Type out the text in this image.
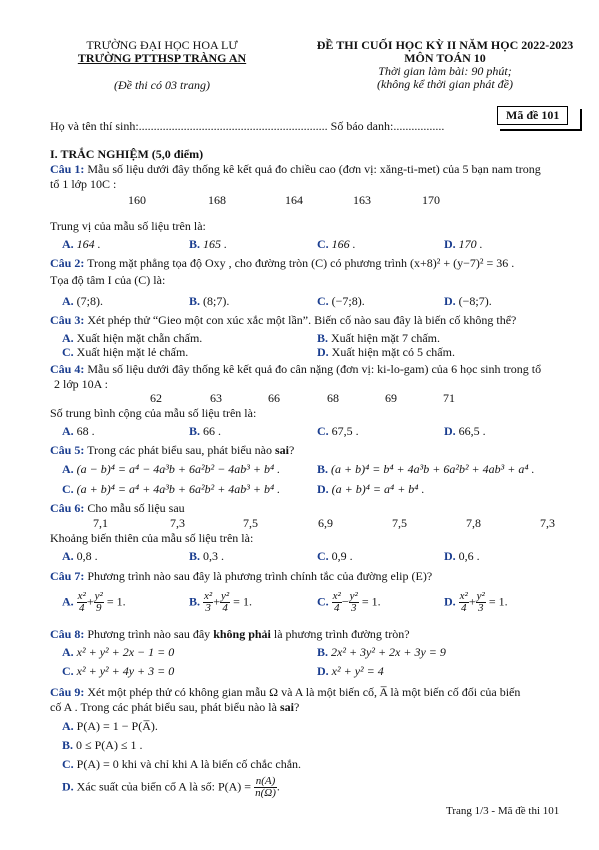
TRƯỜNG ĐẠI HỌC HOA LƯ
TRƯỜNG PTTHSP TRÀNG AN
(Đề thi có 03 trang)
ĐỀ THI CUỐI HỌC KỲ II NĂM HỌC 2022-2023
MÔN TOÁN 10
Thời gian làm bài: 90 phút;
(không kể thời gian phát đề)
Mã đề 101
Họ và tên thí sinh:............................................................... Số báo danh:.................
I. TRẮC NGHIỆM (5,0 điểm)
Câu 1: Mẫu số liệu dưới đây thống kê kết quả đo chiều cao (đơn vị: xăng-ti-met) của 5 bạn nam trong
tổ 1 lớp 10C :
160	168	164	163	170
Trung vị của mẫu số liệu trên là:
A. 164 .	B. 165 .	C. 166 .	D. 170 .
Câu 2: Trong mặt phẳng tọa độ Oxy , cho đường tròn (C) có phương trình (x+8)² + (y−7)² = 36 .
Tọa độ tâm I của (C) là:
A. (7;8).	B. (8;7).	C. (−7;8).	D. (−8;7).
Câu 3: Xét phép thử “Gieo một con xúc xắc một lần”. Biến cố nào sau đây là biến cố không thể?
A. Xuất hiện mặt chẵn chấm.	B. Xuất hiện mặt 7 chấm.
C. Xuất hiện mặt lẻ chấm.	D. Xuất hiện mặt có 5 chấm.
Câu 4: Mẫu số liệu dưới đây thống kê kết quả đo cân nặng (đơn vị: ki-lo-gam) của 6 học sinh trong tổ
2 lớp 10A :
62	63	66	68	69	71
Số trung bình cộng của mẫu số liệu trên là:
A. 68 .	B. 66 .	C. 67,5 .	D. 66,5 .
Câu 5: Trong các phát biểu sau, phát biểu nào sai?
A. (a − b)⁴ = a⁴ − 4a³b + 6a²b² − 4ab³ + b⁴ .	B. (a + b)⁴ = b⁴ + 4a³b + 6a²b² + 4ab³ + a⁴ .
C. (a + b)⁴ = a⁴ + 4a³b + 6a²b² + 4ab³ + b⁴ .	D. (a + b)⁴ = a⁴ + b⁴ .
Câu 6: Cho mẫu số liệu sau
7,1	7,3	7,5	6,9	7,5	7,8	7,3
Khoảng biến thiên của mẫu số liệu trên là:
A. 0,8 .	B. 0,3 .	C. 0,9 .	D. 0,6 .
Câu 7: Phương trình nào sau đây là phương trình chính tắc của đường elip (E)?
A. $\frac{\text{x²}}{4} + \frac{\text{y²}}{9} = 1$.	B. $\frac{\text{x²}}{3} + \frac{\text{y²}}{4} = 1$.	C. $\frac{\text{x²}}{4} - \frac{\text{y²}}{3} = 1$.	D. $\frac{\text{x²}}{4} + \frac{\text{y²}}{3} = 1$.
Câu 8: Phương trình nào sau đây không phải là phương trình đường tròn?
A. x² + y² + 2x − 1 = 0	B. 2x² + 3y² + 2x + 3y = 9
C. x² + y² + 4y + 3 = 0	D. x² + y² = 4
Câu 9: Xét một phép thử có không gian mẫu Ω và A là một biến cố, A̅ là một biến cố đối của biến
cố A . Trong các phát biểu sau, phát biểu nào là sai?
A. P(A) = 1 − P(A̅).
B. 0 ≤ P(A) ≤ 1 .
C. P(A) = 0 khi và chỉ khi A là biến cố chắc chắn.
D. Xác suất của biến cố A là số: $P(A) = \frac{n(A)}{n(\Omega)}$ .
Trang 1/3 - Mã đề thi 101
